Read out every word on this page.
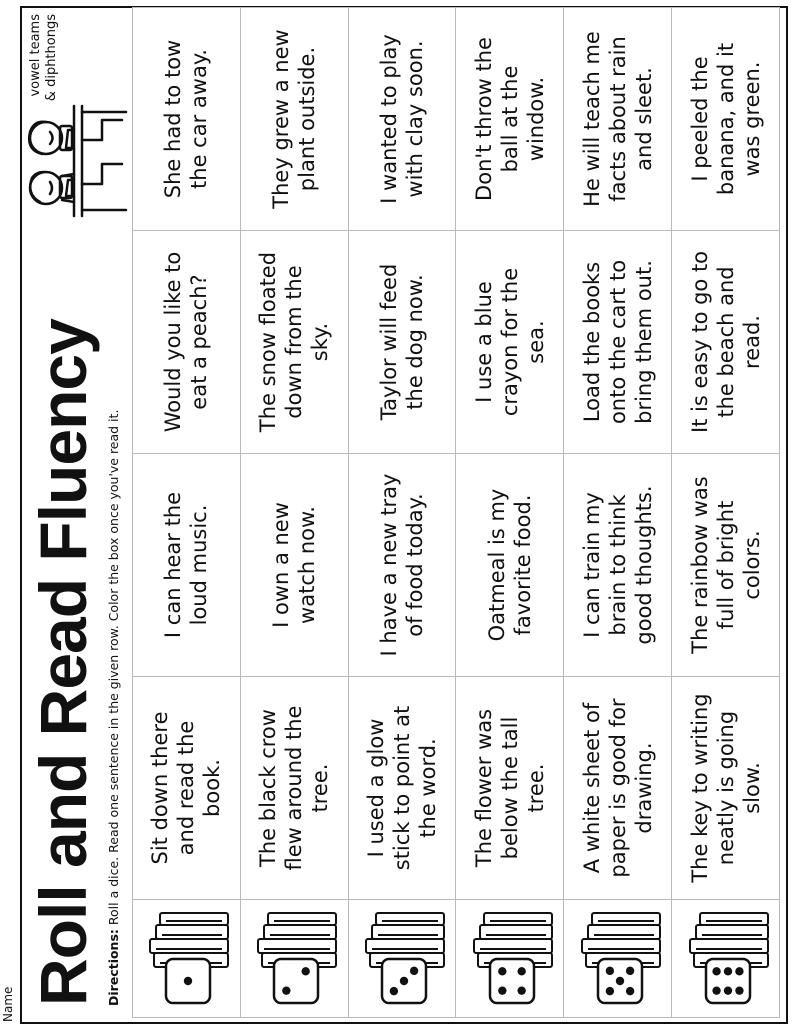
Name Roll and Read Fluency Directions: Roll a dice. Read one sentence in the given row. Color the box once you've read it.
vowel teams & diphthongs
	Sit down there and read the book.	I can hear the loud music.	Would you like to eat a peach?	She had to tow the car away.

	The black crow flew around the tree.	I own a new watch now.	The snow floated down from the sky.	They grew a new plant outside.

	I used a glow stick to point at the word.	I have a new tray of food today.	Taylor will feed the dog now.	I wanted to play with clay soon.

	The flower was below the tall tree.	Oatmeal is my favorite food.	I use a blue crayon for the sea.	Don't throw the ball at the window.

	A white sheet of paper is good for drawing.	I can train my brain to think good thoughts.	Load the books onto the cart to bring them out.	He will teach me facts about rain and sleet.

	The key to writing neatly is going slow.	The rainbow was full of bright colors.	It is easy to go to the beach and read.	I peeled the banana, and it was green.
